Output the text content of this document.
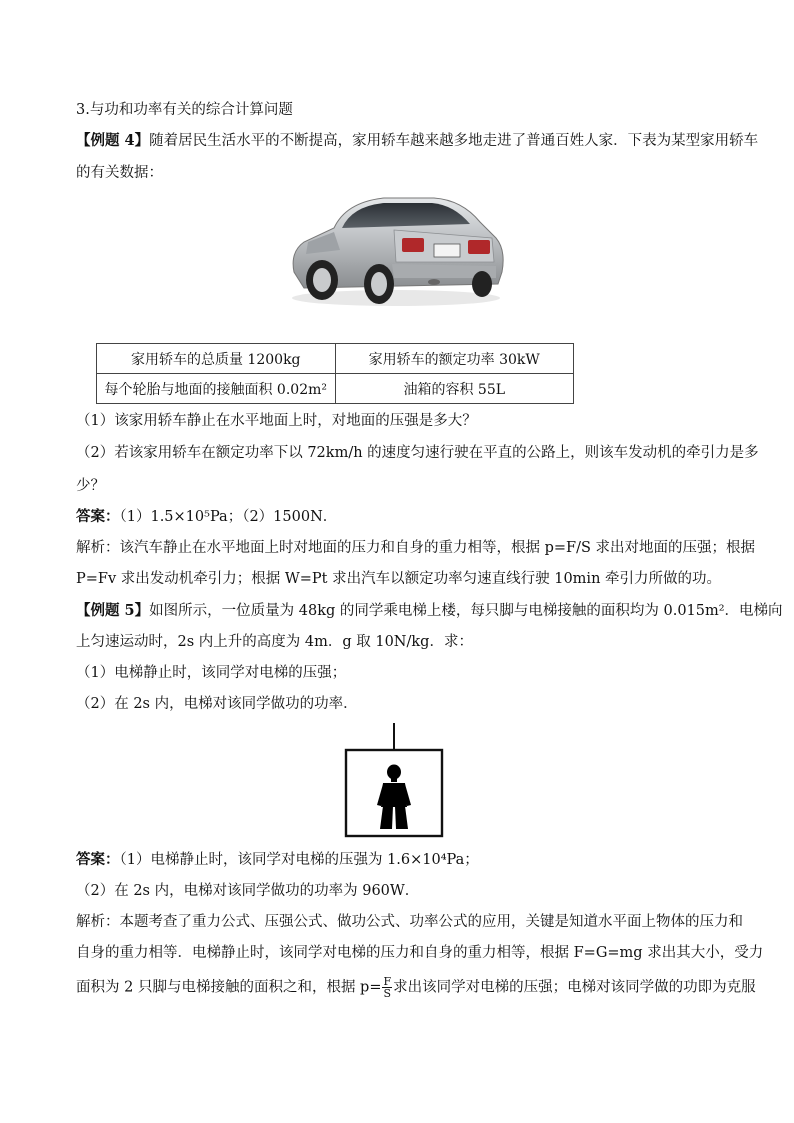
3.与功和功率有关的综合计算问题
【例题 4】随着居民生活水平的不断提高，家用轿车越来越多地走进了普通百姓人家．下表为某型家用轿车
的有关数据：
家用轿车的总质量 1200kg	家用轿车的额定功率 30kW
每个轮胎与地面的接触面积 0.02m²	油箱的容积 55L
（1）该家用轿车静止在水平地面上时，对地面的压强是多大？
（2）若该家用轿车在额定功率下以 72km/h 的速度匀速行驶在平直的公路上，则该车发动机的牵引力是多
少？
答案：（1）1.5×10⁵Pa；（2）1500N．
解析：该汽车静止在水平地面上时对地面的压力和自身的重力相等，根据 p=F/S 求出对地面的压强；根据
P=Fv 求出发动机牵引力；根据 W=Pt 求出汽车以额定功率匀速直线行驶 10min 牵引力所做的功。
【例题 5】如图所示，一位质量为 48kg 的同学乘电梯上楼，每只脚与电梯接触的面积均为 0.015m²．电梯向
上匀速运动时，2s 内上升的高度为 4m．g 取 10N/kg．求：
（1）电梯静止时，该同学对电梯的压强；
（2）在 2s 内，电梯对该同学做功的功率．
答案：（1）电梯静止时，该同学对电梯的压强为 1.6×10⁴Pa；
（2）在 2s 内，电梯对该同学做功的功率为 960W．
解析：本题考查了重力公式、压强公式、做功公式、功率公式的应用，关键是知道水平面上物体的压力和
自身的重力相等．电梯静止时，该同学对电梯的压力和自身的重力相等，根据 F=G=mg 求出其大小，受力
面积为 2 只脚与电梯接触的面积之和，根据 $p= \frac{F}{S}$ 求出该同学对电梯的压强；电梯对该同学做的功即为克服
